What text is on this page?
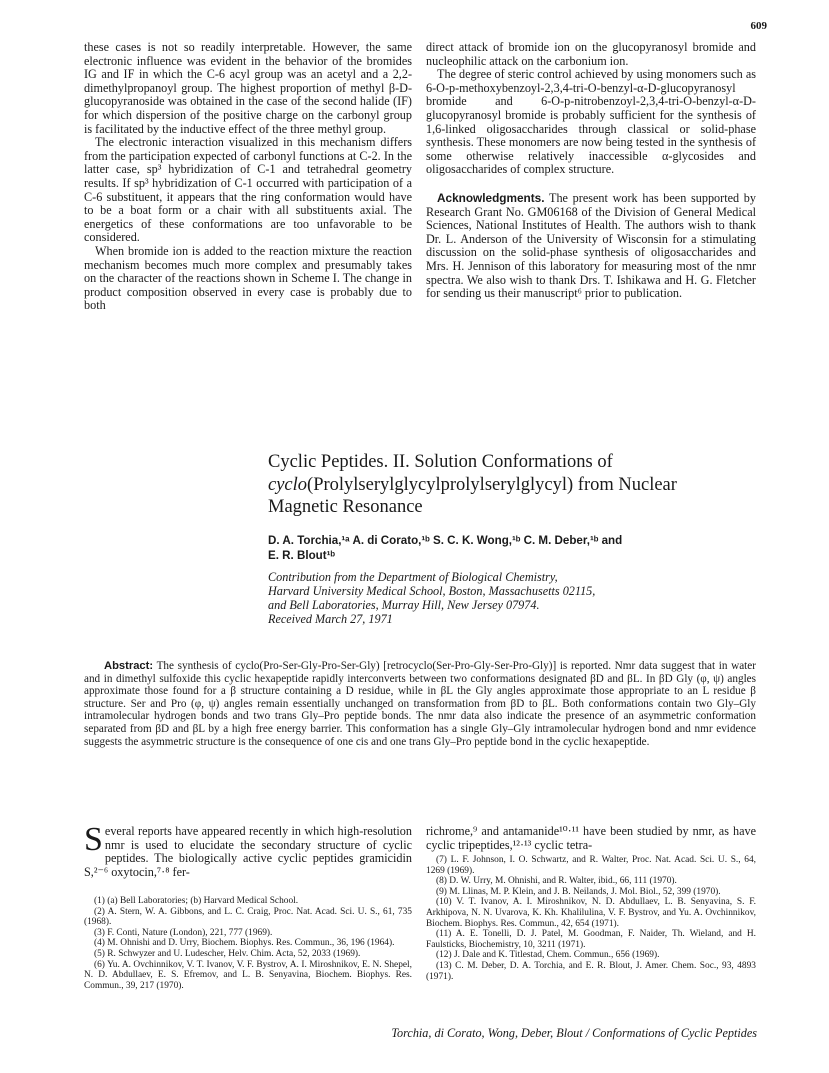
609

these cases is not so readily interpretable. However, the same electronic influence was evident in the behavior of the bromides IG and IF in which the C-6 acyl group was an acetyl and a 2,2-dimethylpropanoyl group. The highest proportion of methyl β-D-glucopyranoside was obtained in the case of the second halide (IF) for which dispersion of the positive charge on the carbonyl group is facilitated by the inductive effect of the three methyl group.

The electronic interaction visualized in this mechanism differs from the participation expected of carbonyl functions at C-2. In the latter case, sp³ hybridization of C-1 and tetrahedral geometry results. If sp³ hybridization of C-1 occurred with participation of a C-6 substituent, it appears that the ring conformation would have to be a boat form or a chair with all substituents axial. The energetics of these conformations are too unfavorable to be considered.

When bromide ion is added to the reaction mixture the reaction mechanism becomes much more complex and presumably takes on the character of the reactions shown in Scheme I. The change in product composition observed in every case is probably due to both

direct attack of bromide ion on the glucopyranosyl bromide and nucleophilic attack on the carbonium ion.

The degree of steric control achieved by using monomers such as 6-O-p-methoxybenzoyl-2,3,4-tri-O-benzyl-α-D-glucopyranosyl bromide and 6-O-p-nitrobenzoyl-2,3,4-tri-O-benzyl-α-D-glucopyranosyl bromide is probably sufficient for the synthesis of 1,6-linked oligosaccharides through classical or solid-phase synthesis. These monomers are now being tested in the synthesis of some otherwise relatively inaccessible α-glycosides and oligosaccharides of complex structure.

Acknowledgments. The present work has been supported by Research Grant No. GM06168 of the Division of General Medical Sciences, National Institutes of Health. The authors wish to thank Dr. L. Anderson of the University of Wisconsin for a stimulating discussion on the solid-phase synthesis of oligosaccharides and Mrs. H. Jennison of this laboratory for measuring most of the nmr spectra. We also wish to thank Drs. T. Ishikawa and H. G. Fletcher for sending us their manuscript⁶ prior to publication.

Cyclic Peptides. II. Solution Conformations of
cyclo(Prolylserylglycylprolylserylglycyl) from Nuclear
Magnetic Resonance
D. A. Torchia,¹ᵃ A. di Corato,¹ᵇ S. C. K. Wong,¹ᵇ C. M. Deber,¹ᵇ and
E. R. Blout¹ᵇ
Contribution from the Department of Biological Chemistry,
Harvard University Medical School, Boston, Massachusetts 02115,
and Bell Laboratories, Murray Hill, New Jersey 07974.
Received March 27, 1971
Abstract: The synthesis of cyclo(Pro-Ser-Gly-Pro-Ser-Gly) [retrocyclo(Ser-Pro-Gly-Ser-Pro-Gly)] is reported. Nmr data suggest that in water and in dimethyl sulfoxide this cyclic hexapeptide rapidly interconverts between two conformations designated βD and βL. In βD Gly (φ, ψ) angles approximate those found for a β structure containing a D residue, while in βL the Gly angles approximate those appropriate to an L residue β structure. Ser and Pro (φ, ψ) angles remain essentially unchanged on transformation from βD to βL. Both conformations contain two Gly–Gly intramolecular hydrogen bonds and two trans Gly–Pro peptide bonds. The nmr data also indicate the presence of an asymmetric conformation separated from βD and βL by a high free energy barrier. This conformation has a single Gly–Gly intramolecular hydrogen bond and nmr evidence suggests the asymmetric structure is the consequence of one cis and one trans Gly–Pro peptide bond in the cyclic hexapeptide.
Several reports have appeared recently in which high-resolution nmr is used to elucidate the secondary structure of cyclic peptides. The biologically active cyclic peptides gramicidin S,²⁻⁶ oxytocin,⁷·⁸ fer-
richrome,⁹ and antamanide¹⁰·¹¹ have been studied by nmr, as have cyclic tripeptides,¹²·¹³ cyclic tetra-

(1) (a) Bell Laboratories; (b) Harvard Medical School.

(2) A. Stern, W. A. Gibbons, and L. C. Craig, Proc. Nat. Acad. Sci. U. S., 61, 735 (1968).

(3) F. Conti, Nature (London), 221, 777 (1969).

(4) M. Ohnishi and D. Urry, Biochem. Biophys. Res. Commun., 36, 196 (1964).

(5) R. Schwyzer and U. Ludescher, Helv. Chim. Acta, 52, 2033 (1969).

(6) Yu. A. Ovchinnikov, V. T. Ivanov, V. F. Bystrov, A. I. Miroshnikov, E. N. Shepel, N. D. Abdullaev, E. S. Efremov, and L. B. Senyavina, Biochem. Biophys. Res. Commun., 39, 217 (1970).

(7) L. F. Johnson, I. O. Schwartz, and R. Walter, Proc. Nat. Acad. Sci. U. S., 64, 1269 (1969).

(8) D. W. Urry, M. Ohnishi, and R. Walter, ibid., 66, 111 (1970).

(9) M. Llinas, M. P. Klein, and J. B. Neilands, J. Mol. Biol., 52, 399 (1970).

(10) V. T. Ivanov, A. I. Miroshnikov, N. D. Abdullaev, L. B. Senyavina, S. F. Arkhipova, N. N. Uvarova, K. Kh. Khalilulina, V. F. Bystrov, and Yu. A. Ovchinnikov, Biochem. Biophys. Res. Commun., 42, 654 (1971).

(11) A. E. Tonelli, D. J. Patel, M. Goodman, F. Naider, Th. Wieland, and H. Faulsticks, Biochemistry, 10, 3211 (1971).

(12) J. Dale and K. Titlestad, Chem. Commun., 656 (1969).

(13) C. M. Deber, D. A. Torchia, and E. R. Blout, J. Amer. Chem. Soc., 93, 4893 (1971).

Torchia, di Corato, Wong, Deber, Blout / Conformations of Cyclic Peptides
